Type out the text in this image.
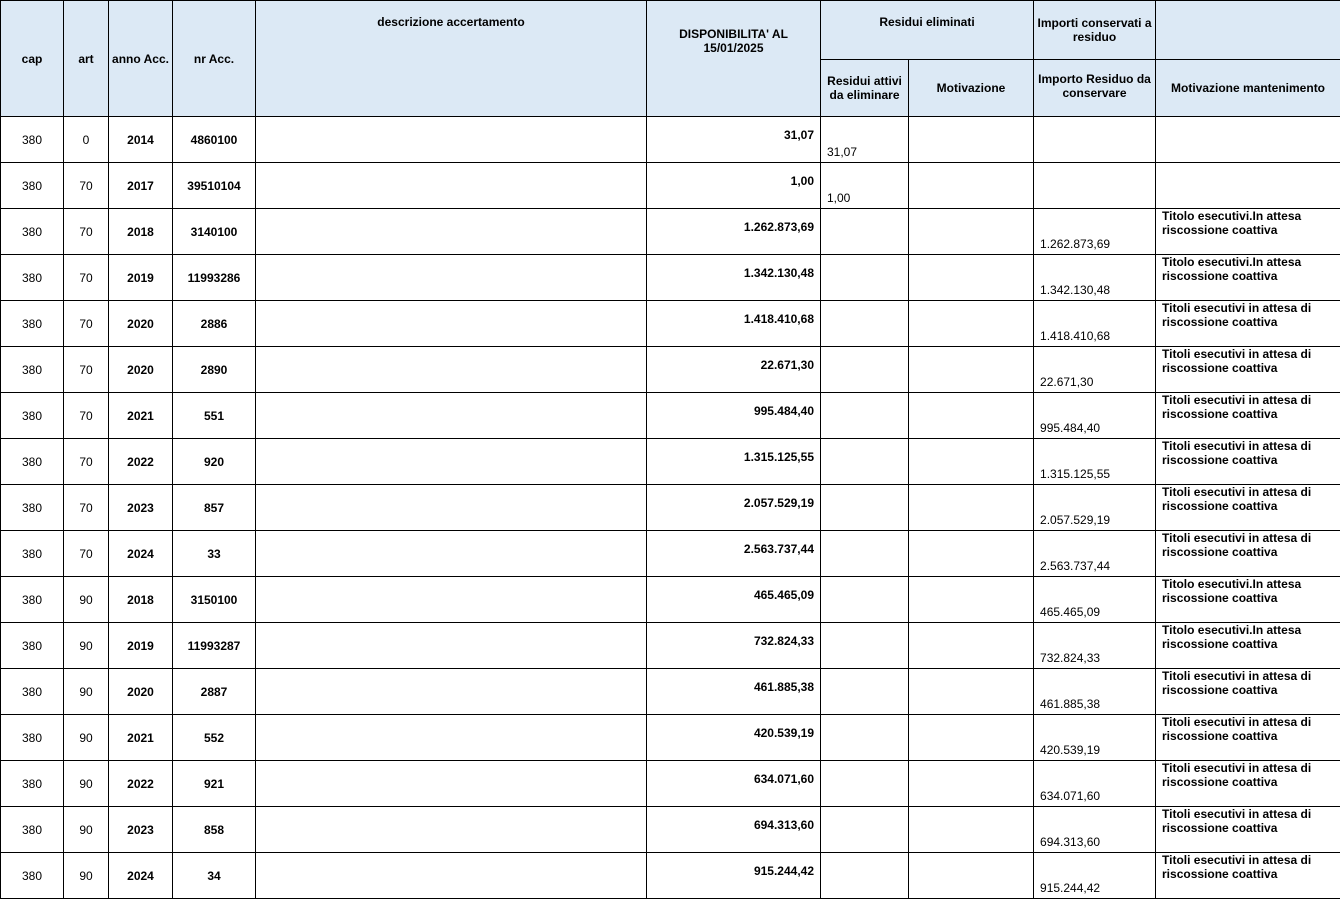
cap	art	anno Acc.	nr Acc.	descrizione accertamento	DISPONIBILITA' AL 15/01/2025	Residui eliminati		Importi conservati a residuo	
						Residui attivi da eliminare	Motivazione	Importo Residuo da conservare	Motivazione mantenimento
380	0	2014	4860100		31,07	31,07			
380	70	2017	39510104		1,00	1,00			
380	70	2018	3140100		1.262.873,69			1.262.873,69	Titolo esecutivi.In attesa riscossione coattiva
380	70	2019	11993286		1.342.130,48			1.342.130,48	Titolo esecutivi.In attesa riscossione coattiva
380	70	2020	2886		1.418.410,68			1.418.410,68	Titoli esecutivi in attesa di riscossione coattiva
380	70	2020	2890		22.671,30			22.671,30	Titoli esecutivi in attesa di riscossione coattiva
380	70	2021	551		995.484,40			995.484,40	Titoli esecutivi in attesa di riscossione coattiva
380	70	2022	920		1.315.125,55			1.315.125,55	Titoli esecutivi in attesa di riscossione coattiva
380	70	2023	857		2.057.529,19			2.057.529,19	Titoli esecutivi in attesa di riscossione coattiva
380	70	2024	33		2.563.737,44			2.563.737,44	Titoli esecutivi in attesa di riscossione coattiva
380	90	2018	3150100		465.465,09			465.465,09	Titolo esecutivi.In attesa riscossione coattiva
380	90	2019	11993287		732.824,33			732.824,33	Titolo esecutivi.In attesa riscossione coattiva
380	90	2020	2887		461.885,38			461.885,38	Titoli esecutivi in attesa di riscossione coattiva
380	90	2021	552		420.539,19			420.539,19	Titoli esecutivi in attesa di riscossione coattiva
380	90	2022	921		634.071,60			634.071,60	Titoli esecutivi in attesa di riscossione coattiva
380	90	2023	858		694.313,60			694.313,60	Titoli esecutivi in attesa di riscossione coattiva
380	90	2024	34		915.244,42			915.244,42	Titoli esecutivi in attesa di riscossione coattiva
